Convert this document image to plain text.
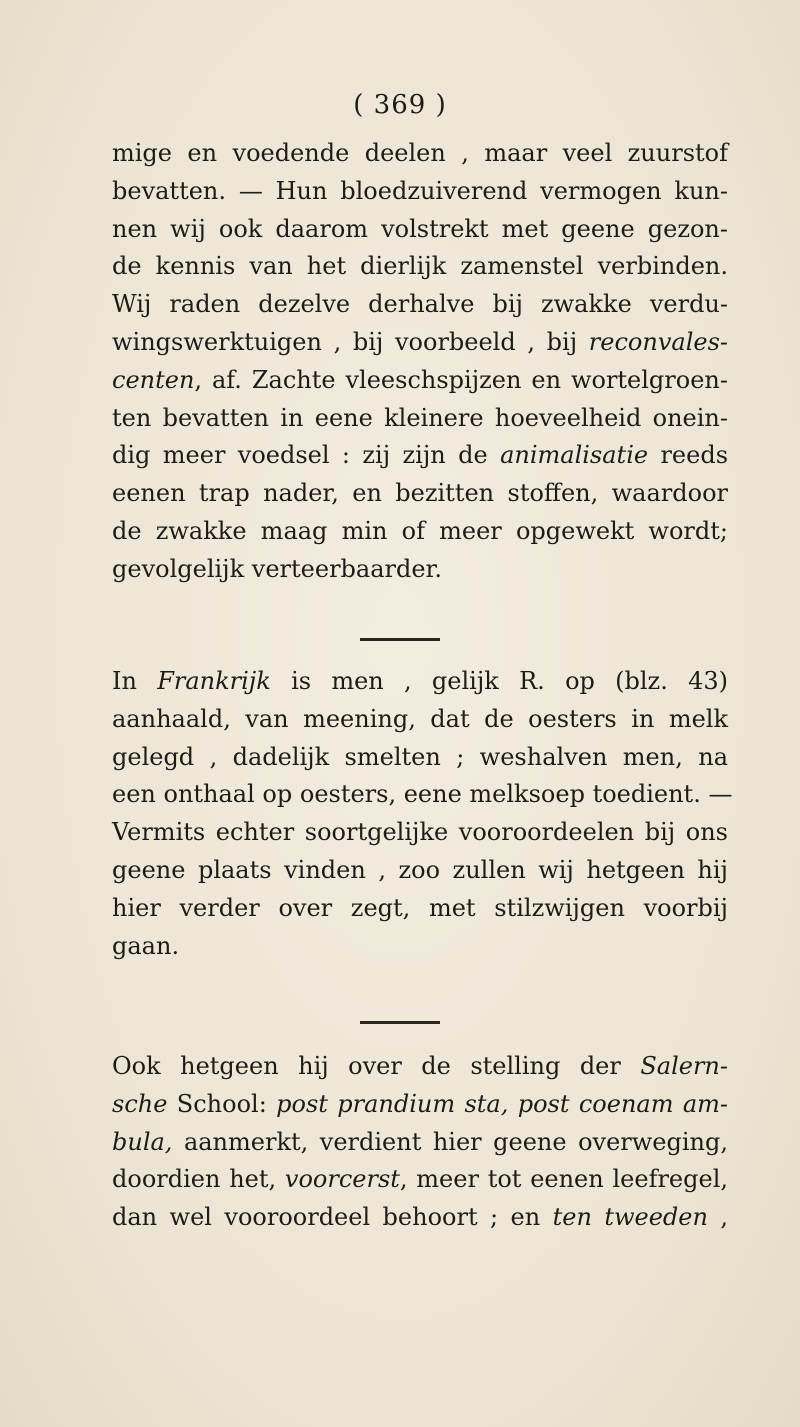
( 369 )
mige en voedende deelen , maar veel zuurstof
bevatten. — Hun bloedzuiverend vermogen kun-
nen wij ook daarom volstrekt met geene gezon-
de kennis van het dierlijk zamenstel verbinden.
Wij raden dezelve derhalve bij zwakke verdu-
wingswerktuigen , bij voorbeeld , bij reconvales-
centen, af. Zachte vleeschspijzen en wortelgroen-
ten bevatten in eene kleinere hoeveelheid onein-
dig meer voedsel : zij zijn de animalisatie reeds
eenen trap nader, en bezitten stoffen, waardoor
de zwakke maag min of meer opgewekt wordt;
gevolgelijk verteerbaarder.
In Frankrijk is men , gelijk R. op (blz. 43)
aanhaald, van meening, dat de oesters in melk
gelegd , dadelijk smelten ; weshalven men, na
een onthaal op oesters, eene melksoep toedient. —
Vermits echter soortgelijke vooroordeelen bij ons
geene plaats vinden , zoo zullen wij hetgeen hij
hier verder over zegt, met stilzwijgen voorbij
gaan.
Ook hetgeen hij over de stelling der Salern-
sche School: post prandium sta, post coenam am-
bula, aanmerkt, verdient hier geene overweging,
doordien het, voorcerst, meer tot eenen leefregel,
dan wel vooroordeel behoort ; en ten tweeden ,
